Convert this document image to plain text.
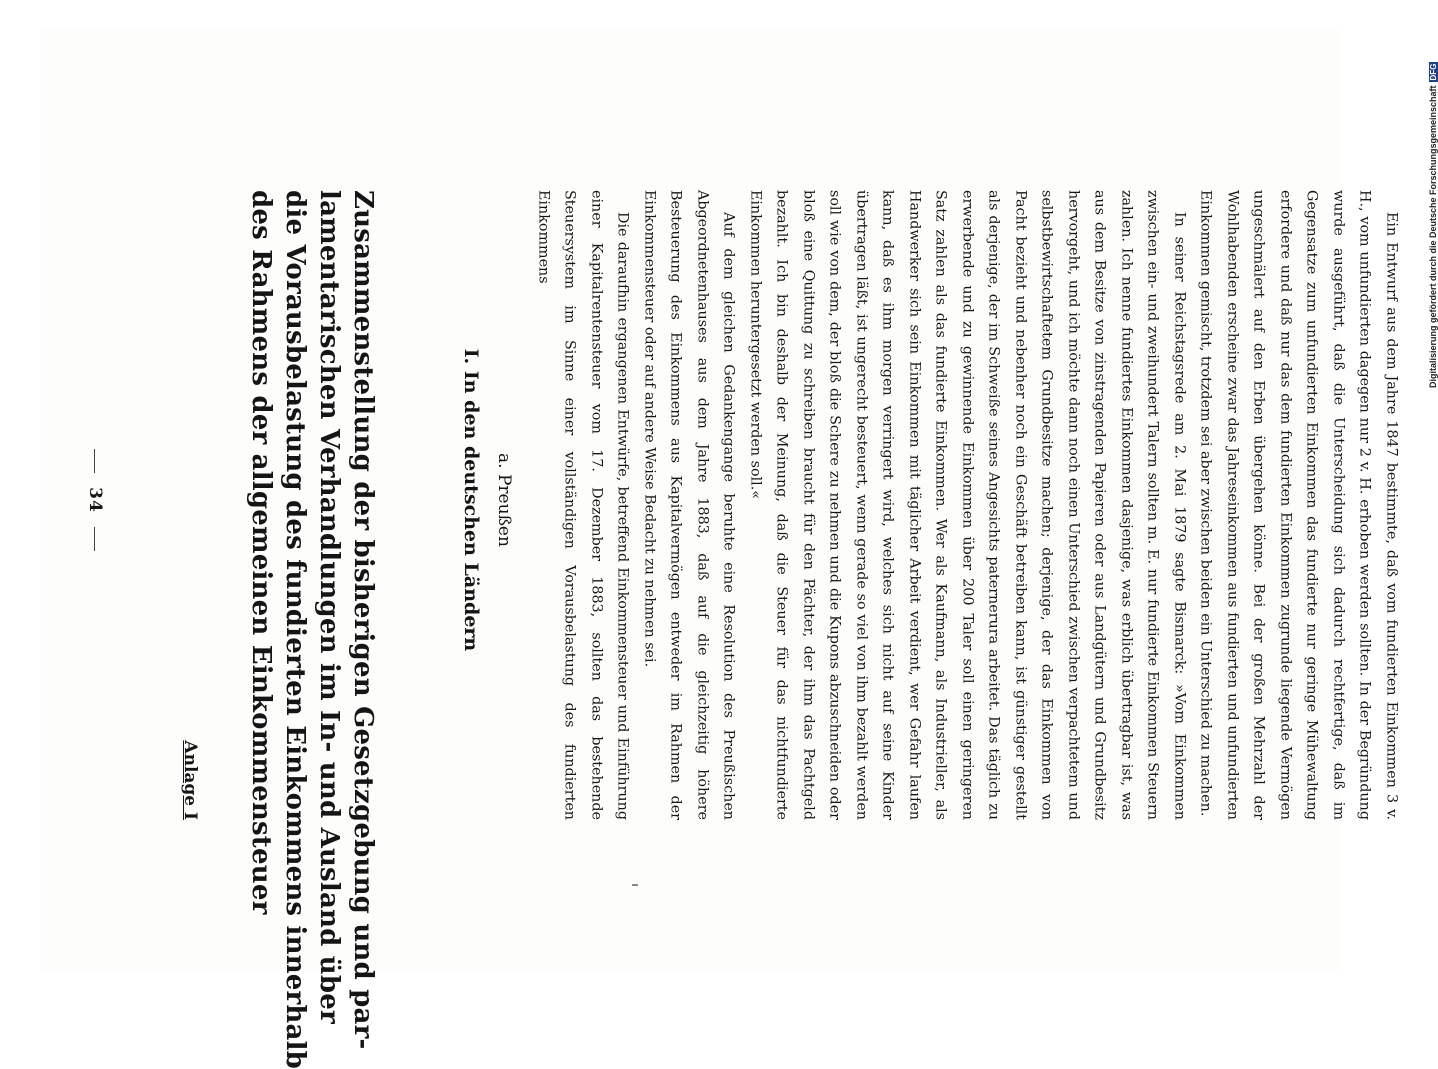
34
Anlage I	Zusammenstellung der bisherigen Gesetzgebung und par-
lamentarischen Verhandlungen im In- und Ausland über
die Vorausbelastung des fundierten Einkommens innerhalb
des Rahmens der allgemeinen Einkommensteuer	I. In den deutschen Ländern a. Preußen	Ein Entwurf aus dem Jahre 1847 bestimmte, daß vom fundierten Einkommen 3 v. H., vom unfundierten dagegen nur 2 v. H. erhoben werden sollten. In der Begründung wurde ausgeführt, daß die Unterscheidung sich dadurch rechtfertige, daß im Gegensatze zum unfundierten Einkommen das fundierte nur geringe Mühewaltung erfordere und daß nur das dem fundierten Einkommen zugrunde liegende Vermögen ungeschmälert auf den Erben übergehen könne. Bei der großen Mehrzahl der Wohlhabenden erscheine zwar das Jahreseinkommen aus fundierten und unfundierten Einkommen gemischt, trotzdem sei aber zwischen beiden ein Unterschied zu machen.

In seiner Reichstagsrede am 2. Mai 1879 sagte Bismarck: »Vom Einkommen zwischen ein- und zweihundert Talern sollten m. E. nur fundierte Einkommen Steuern zahlen. Ich nenne fundiertes Einkommen dasjenige, was erblich übertragbar ist, was aus dem Besitze von zinstragenden Papieren oder aus Landgütern und Grundbesitz hervorgeht, und ich möchte dann noch einen Unterschied zwischen verpachtetem und selbstbewirtschaftetem Grundbesitze machen; derjenige, der das Einkommen von Pacht bezieht und nebenher noch ein Geschäft betreiben kann, ist günstiger gestellt als derjenige, der im Schweiße seines Angesichts paternerura arbeitet. Das täglich zu erwerbende und zu gewinnende Einkommen über 200 Taler soll einen geringeren Satz zahlen als das fundierte Einkommen. Wer als Kaufmann, als Industrieller, als Handwerker sich sein Einkommen mit täglicher Arbeit verdient, wer Gefahr laufen kann, daß es ihm morgen verringert wird, welches sich nicht auf seine Kinder übertragen läßt, ist ungerecht besteuert, wenn gerade so viel von ihm bezahlt werden soll wie von dem, der bloß die Schere zu nehmen und die Kupons abzuschneiden oder bloß eine Quittung zu schreiben braucht für den Pächter, der ihm das Pachtgeld bezahlt. Ich bin deshalb der Meinung, daß die Steuer für das nichtfundierte Einkommen heruntergesetzt werden soll.«

Auf dem gleichen Gedankengange beruhte eine Resolution des Preußischen Abgeordnetenhauses aus dem Jahre 1883, daß auf die gleichzeitig höhere Besteuerung des Einkommens aus Kapitalvermögen entweder im Rahmen der Einkommensteuer oder auf andere Weise Bedacht zu nehmen sei.

Die daraufhin ergangenen Entwürfe, betreffend Einkommensteuer und Einführung einer Kapitalrentensteuer vom 17. Dezember 1883, sollten das bestehende Steuersystem im Sinne einer vollständigen Vorausbelastung des fundierten Einkommens	Digitalisierung gefördert durch die Deutsche ForschungsgemeinschaftDFG
